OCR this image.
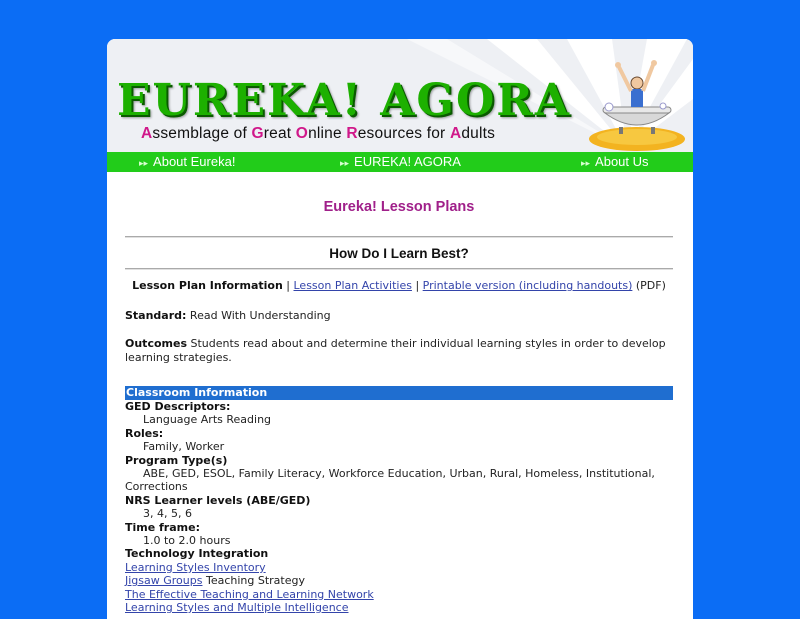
EUREKA! AGORA
Assemblage of Great Online Resources for Adults
▸▸ About Eureka!	▸▸ EUREKA! AGORA	▸▸ About Us
Eureka! Lesson Plans
How Do I Learn Best?
Lesson Plan Information | Lesson Plan Activities | Printable version (including handouts) (PDF)
Standard: Read With Understanding
Outcomes Students read about and determine their individual learning styles in order to develop learning strategies.
Classroom Information
GED Descriptors:
Language Arts Reading
Roles:
Family, Worker
Program Type(s)
ABE, GED, ESOL, Family Literacy, Workforce Education, Urban, Rural, Homeless, Institutional,
Corrections
NRS Learner levels (ABE/GED)
3, 4, 5, 6
Time frame:
1.0 to 2.0 hours
Technology Integration
Learning Styles Inventory
Jigsaw Groups Teaching Strategy
The Effective Teaching and Learning Network
Learning Styles and Multiple Intelligence
